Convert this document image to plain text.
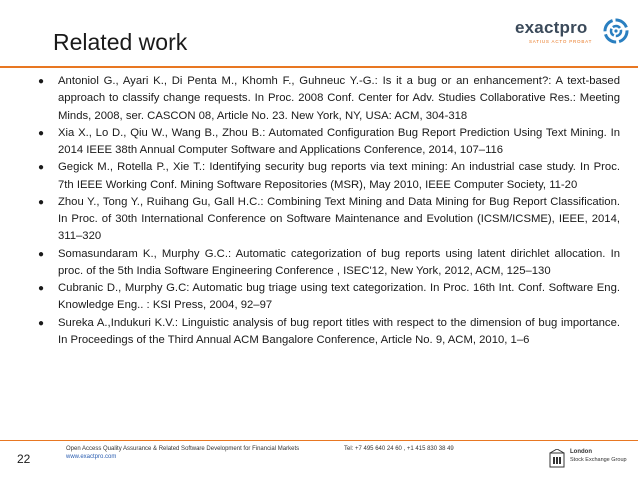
Related work
exactpro
SATIUS ACTO PROBAT
● Antoniol G., Ayari K., Di Penta M., Khomh F., Guhneuc Y.-G.: Is it a bug or an enhancement?: A text-based approach to classify change requests. In Proc. 2008 Conf. Center for Adv. Studies Collaborative Res.: Meeting Minds, 2008, ser. CASCON 08, Article No. 23. New York, NY, USA: ACM, 304-318
● Xia X., Lo D., Qiu W., Wang B., Zhou B.: Automated Configuration Bug Report Prediction Using Text Mining. In 2014 IEEE 38th Annual Computer Software and Applications Conference, 2014, 107–116
● Gegick M., Rotella P., Xie T.: Identifying security bug reports via text mining: An industrial case study. In Proc. 7th IEEE Working Conf. Mining Software Repositories (MSR), May 2010, IEEE Computer Society, 11-20
● Zhou Y., Tong Y., Ruihang Gu, Gall H.C.: Combining Text Mining and Data Mining for Bug Report Classification. In Proc. of 30th International Conference on Software Maintenance and Evolution (ICSM/ICSME), IEEE, 2014, 311–320
● Somasundaram K., Murphy G.C.: Automatic categorization of bug reports using latent dirichlet allocation. In proc. of the 5th India Software Engineering Conference , ISEC'12, New York, 2012, ACM, 125–130
● Cubranic D., Murphy G.C: Automatic bug triage using text categorization. In Proc. 16th Int. Conf. Software Eng. Knowledge Eng.. : KSI Press, 2004, 92–97
● Sureka A.,Indukuri K.V.: Linguistic analysis of bug report titles with respect to the dimension of bug importance. In Proceedings of the Third Annual ACM Bangalore Conference, Article No. 9, ACM, 2010, 1–6
22
Open Access Quality Assurance & Related Software Development for Financial Markets
www.exactpro.com
Tel: +7 495 640 24 60 , +1 415 830 38 49	London
Stock Exchange Group
